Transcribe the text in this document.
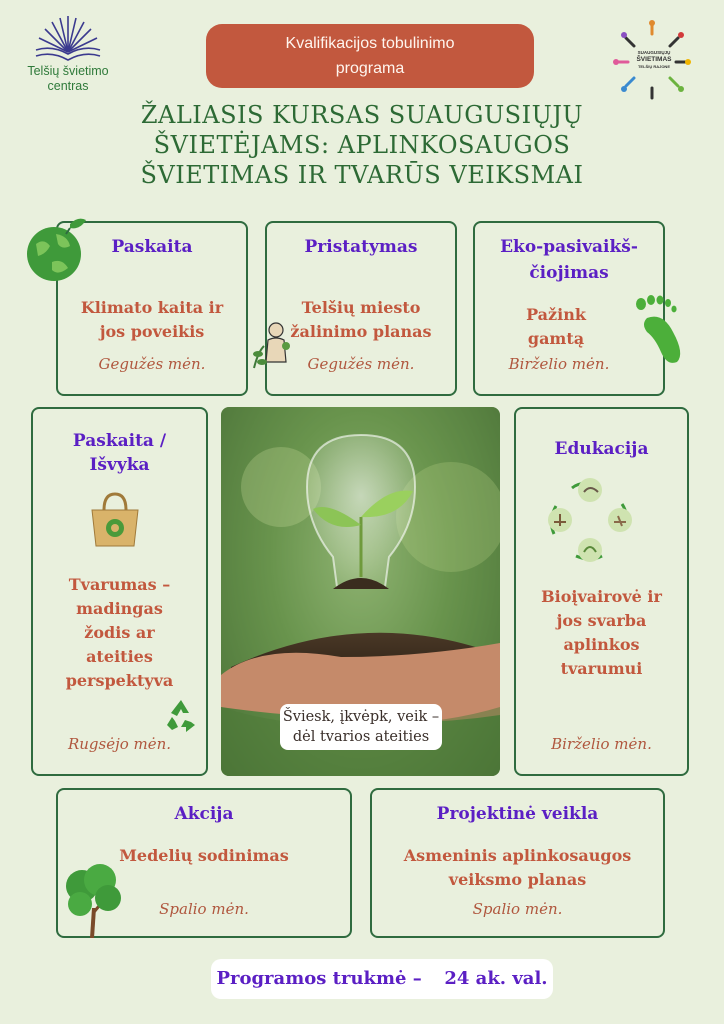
Telšių švietimo
centras
Kvalifikacijos tobulinimo
programa
SUAUGUSIŲJŲ
ŠVIETIMAS
TELŠIŲ RAJONE
ŽALIASIS KURSAS SUAUGUSIŲJŲ
ŠVIETĖJAMS: APLINKOSAUGOS
ŠVIETIMAS IR TVARŪS VEIKSMAI
Paskaita
Klimato kaita ir
jos poveikis
Gegužės mėn.
Pristatymas
Telšių miesto
žalinimo planas
Gegužės mėn.
Eko-pasivaikš-
čiojimas
Pažink
gamtą
Birželio mėn.
Paskaita /
Išvyka
Tvarumas –
madingas
žodis ar
ateities
perspektyva
Rugsėjo mėn.
Šviesk, įkvėpk, veik –
dėl tvarios ateities
Edukacija
Bioįvairovė ir
jos svarba
aplinkos
tvarumui
Birželio mėn.
Akcija
Medelių sodinimas
Spalio mėn.
Projektinė veikla
Asmeninis aplinkosaugos
veiksmo planas
Spalio mėn.
Programos trukmė – 24 ak. val.
